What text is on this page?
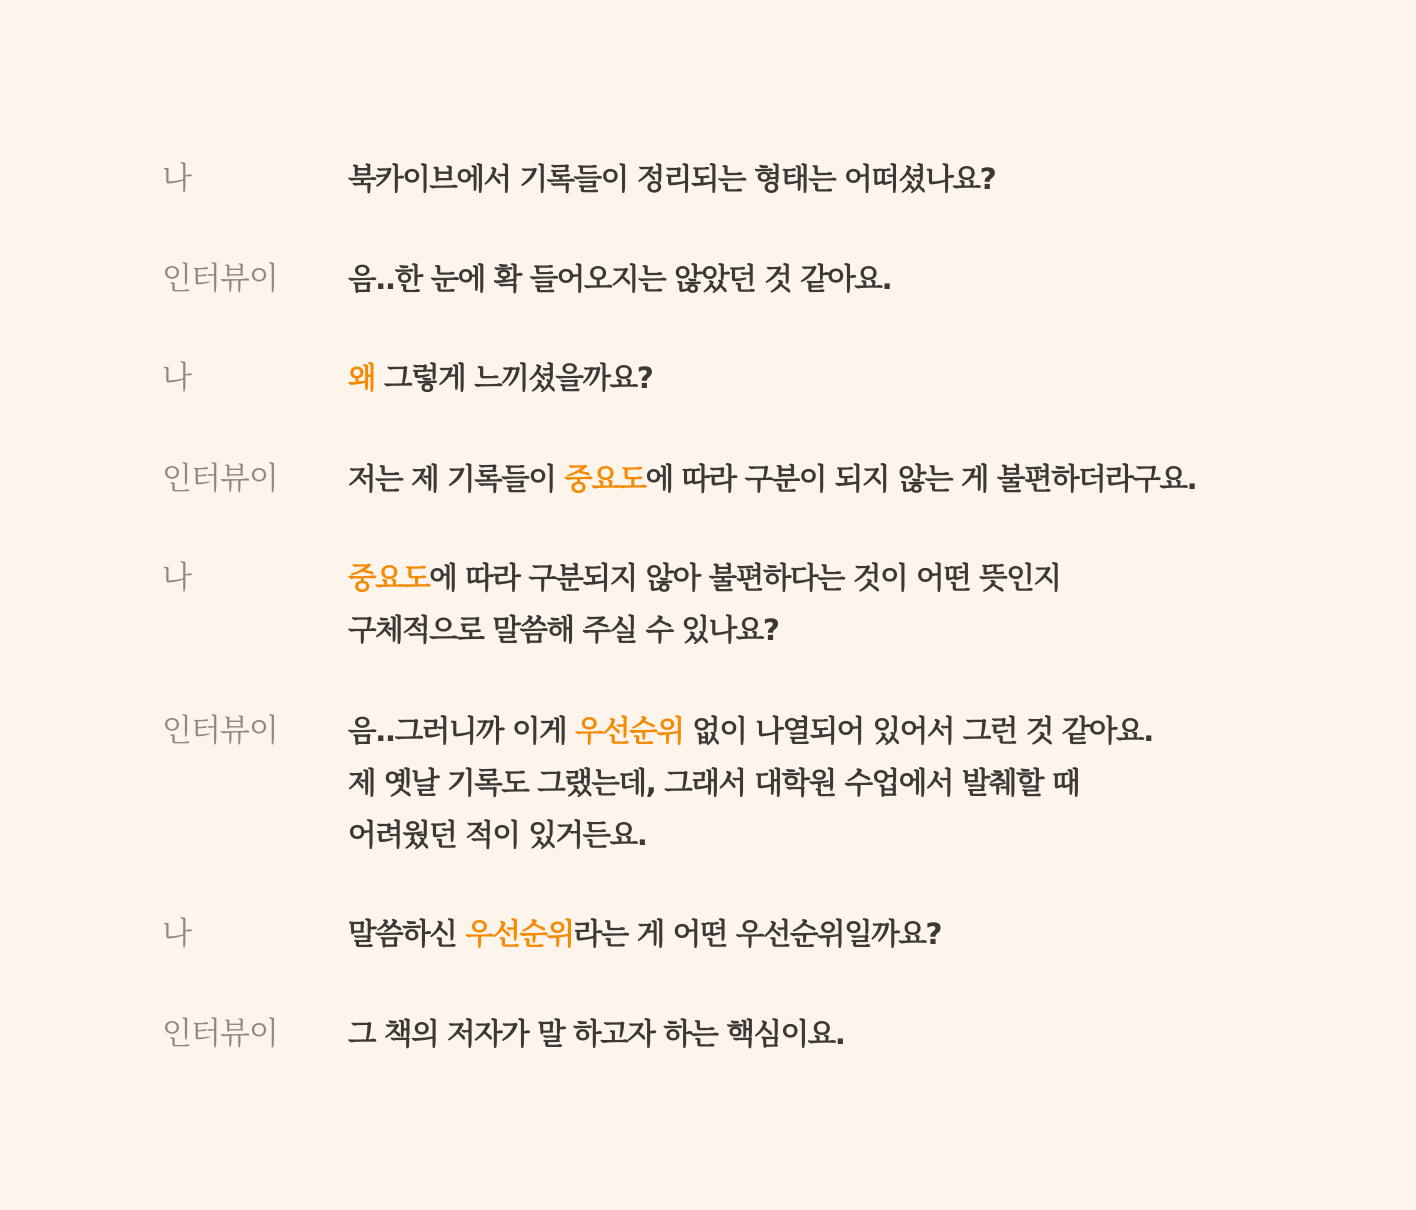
나	북카이브에서 기록들이 정리되는 형태는 어떠셨나요?
인터뷰이 음..한 눈에 확 들어오지는 않았던 것 같아요.
나	왜 그렇게 느끼셨을까요?
인터뷰이 저는 제 기록들이 중요도에 따라 구분이 되지 않는 게 불편하더라구요.
나	중요도에 따라 구분되지 않아 불편하다는 것이 어떤 뜻인지
구체적으로 말씀해 주실 수 있나요?
인터뷰이 음..그러니까 이게 우선순위 없이 나열되어 있어서 그런 것 같아요.
제 옛날 기록도 그랬는데, 그래서 대학원 수업에서 발췌할 때
어려웠던 적이 있거든요.
나	말씀하신 우선순위라는 게 어떤 우선순위일까요?
인터뷰이 그 책의 저자가 말 하고자 하는 핵심이요.
